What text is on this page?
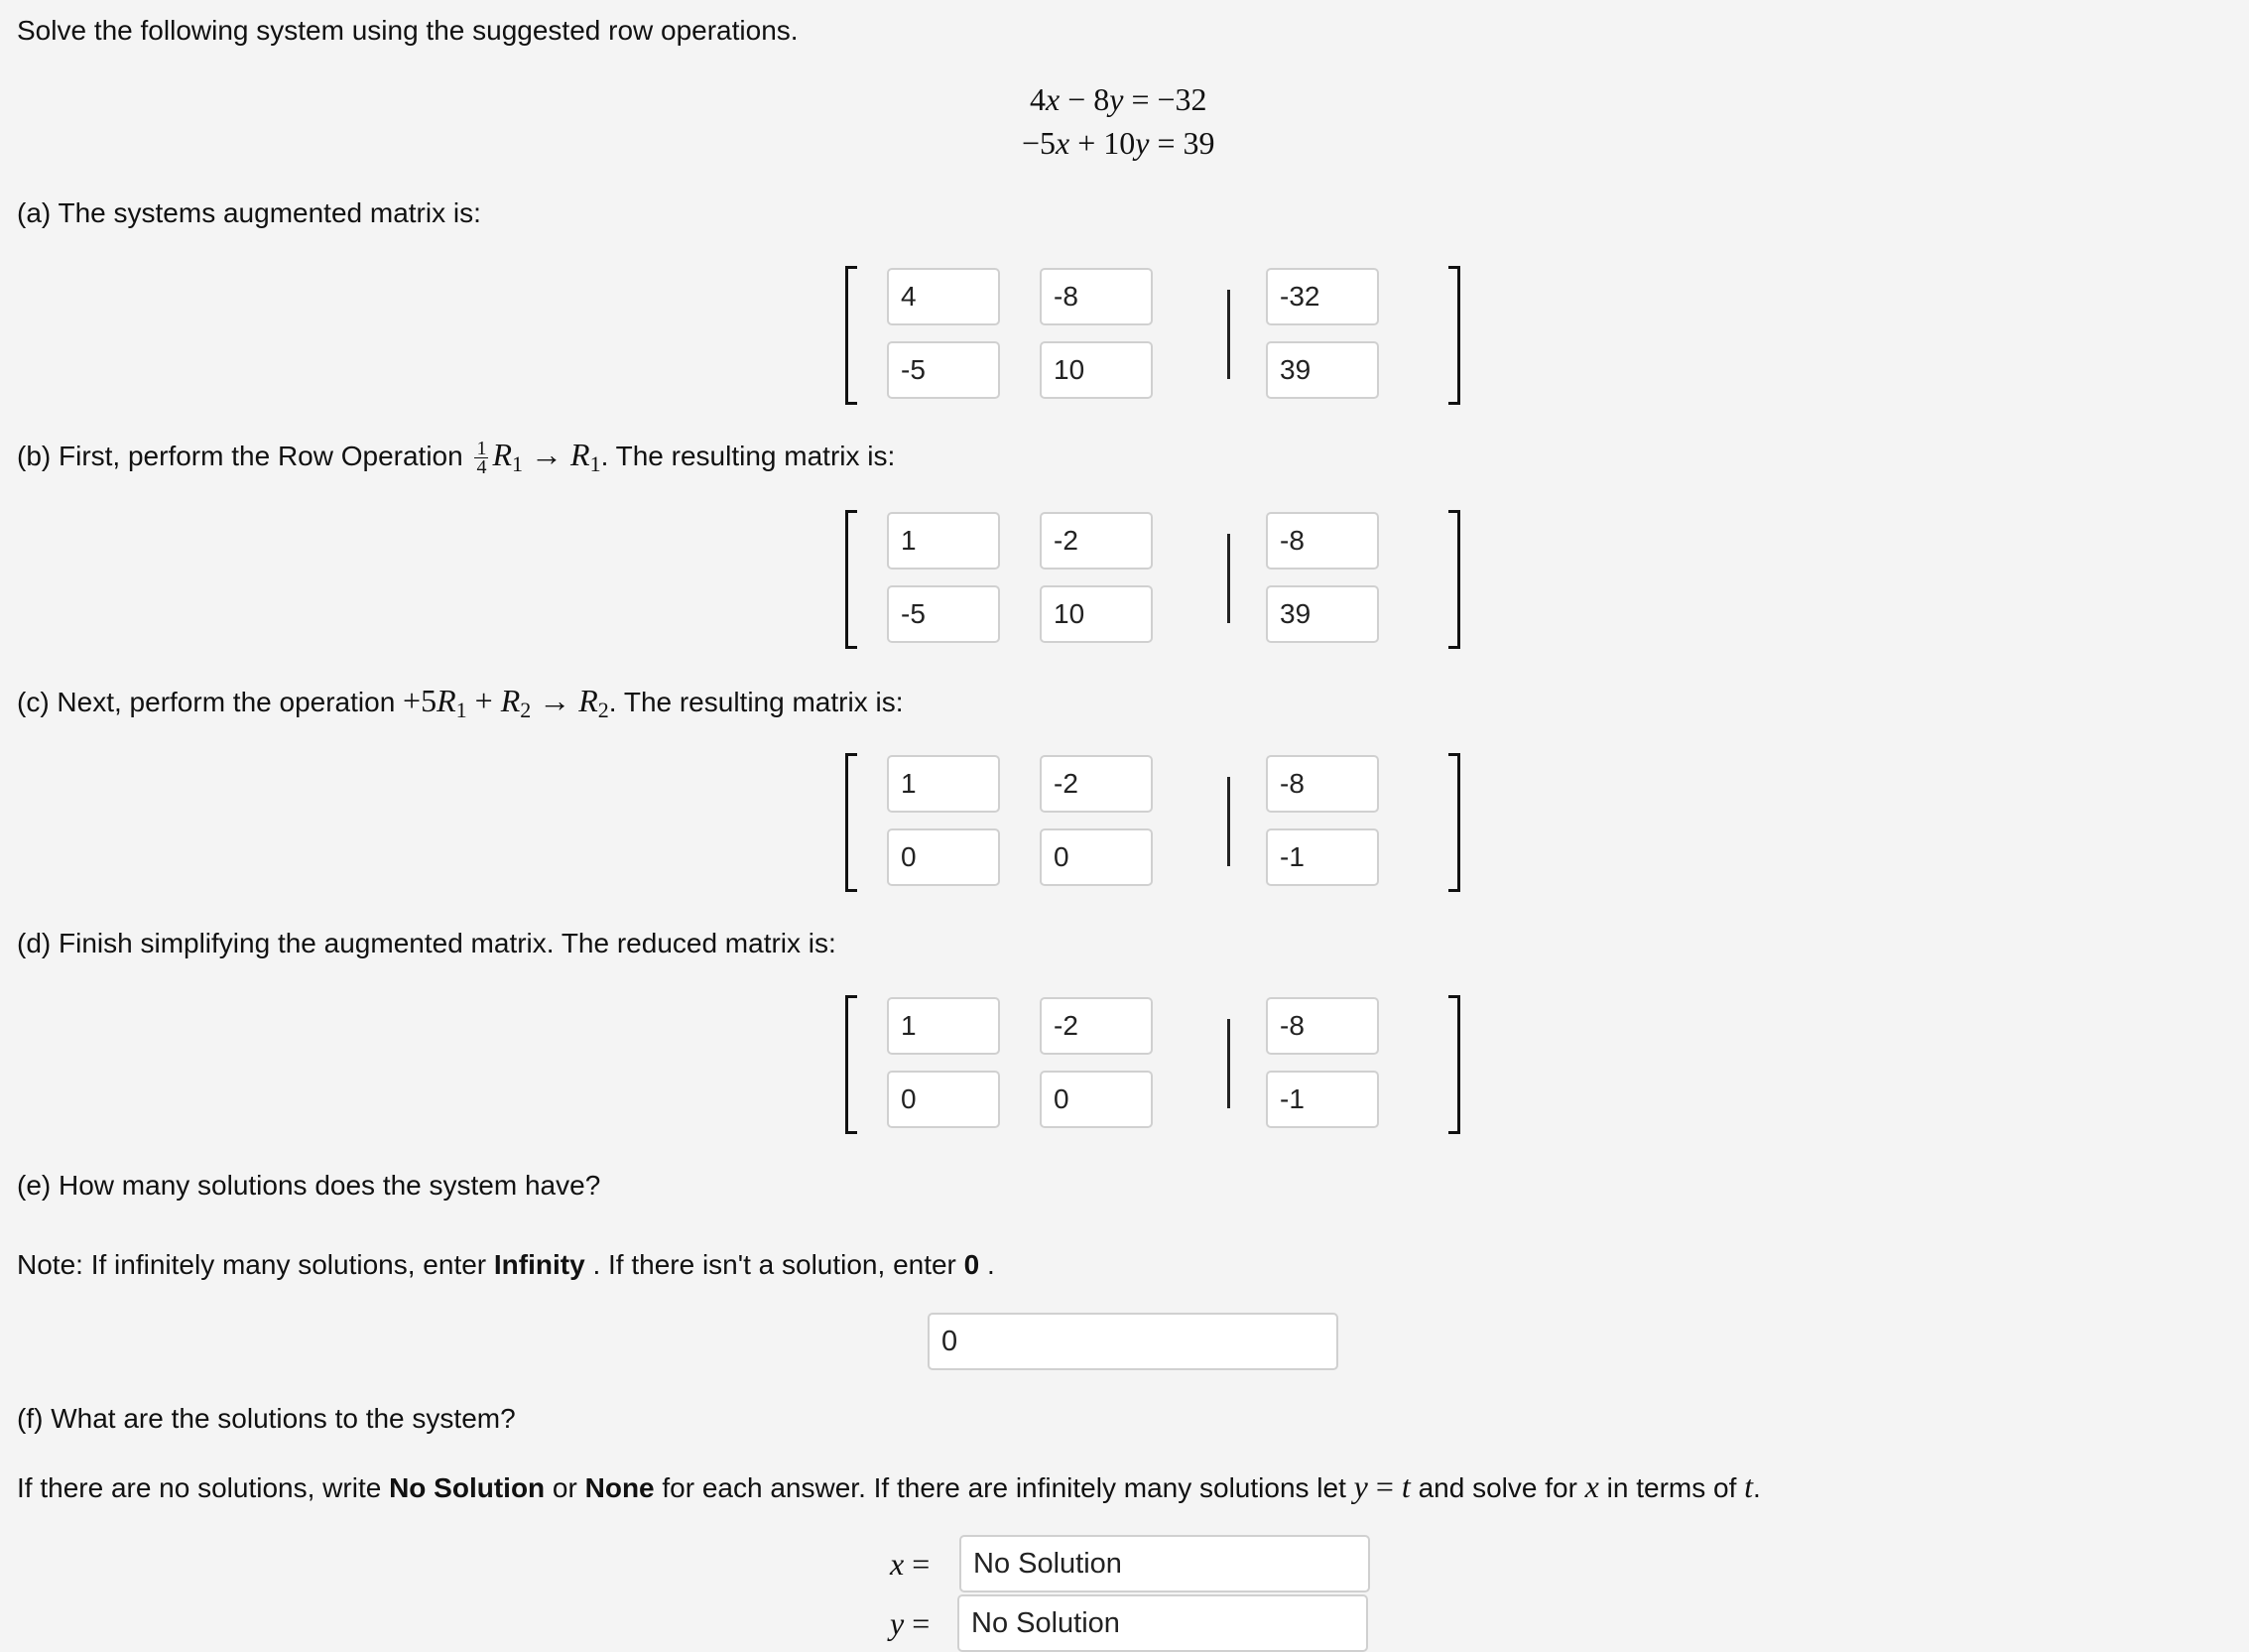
Solve the following system using the suggested row operations.
4x − 8y = −32
−5x + 10y = 39
(a) The systems augmented matrix is:
4
-8
-32
-5
10
39
(b) First, perform the Row Operation $\frac{1}{4} R_1 \to R_1$. The resulting matrix is:
1
-2
-8
-5
10
39
(c) Next, perform the operation $+5R_1 + R_2 \to R_2$. The resulting matrix is:
1
-2
-8
0
0
-1
(d) Finish simplifying the augmented matrix. The reduced matrix is:
1
-2
-8
0
0
-1
(e) How many solutions does the system have?
Note: If infinitely many solutions, enter Infinity . If there isn't a solution, enter 0 .
0
(f) What are the solutions to the system?
If there are no solutions, write No Solution or None for each answer. If there are infinitely many solutions let y = t and solve for x in terms of t.
x =
No Solution
y =
No Solution
